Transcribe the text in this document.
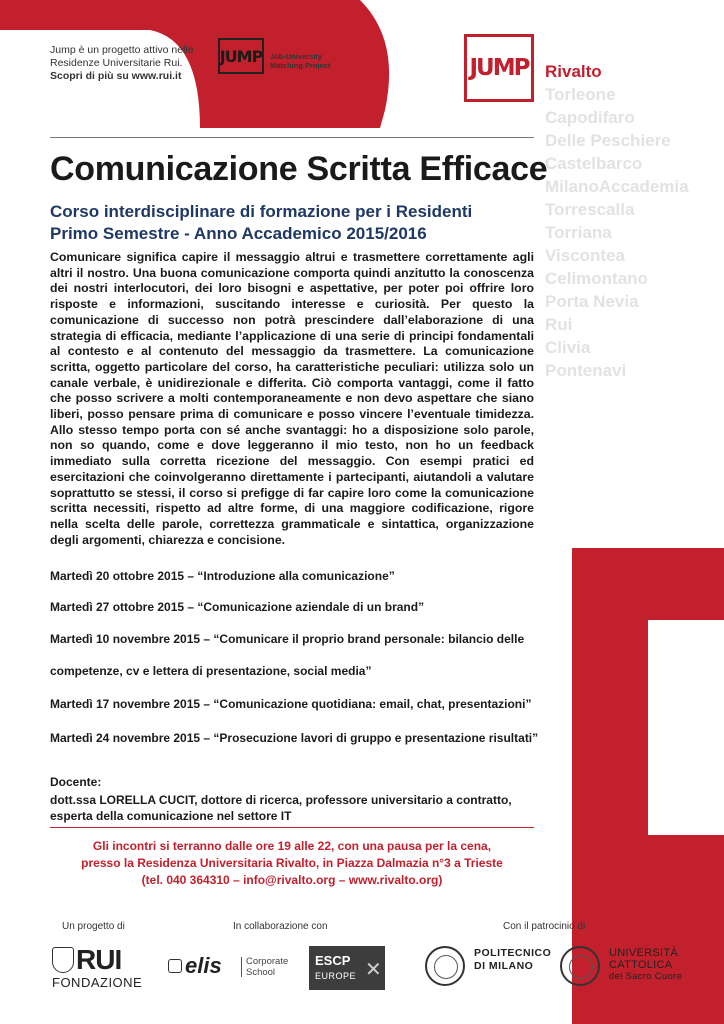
Jump è un progetto attivo nelle
Residenze Universitarie Rui.
Scopri di più su www.rui.it
JUMP Job-University
Matching Project	JUMP Rivalto
Torleone
Capodifaro
Delle Peschiere
Castelbarco
MilanoAccademia
Torrescalla
Torriana
Viscontea
Celimontano
Porta Nevia
Rui
Clivia
Pontenavi
Comunicazione Scritta Efficace
Corso interdisciplinare di formazione per i Residenti
Primo Semestre - Anno Accademico 2015/2016

Comunicare significa capire il messaggio altrui e trasmettere correttamente agli altri il nostro. Una buona comunicazione comporta quindi anzitutto la conoscenza dei nostri interlocutori, dei loro bisogni e aspettative, per poter poi offrire loro risposte e informazioni, suscitando interesse e curiosità. Per questo la comunicazione di successo non potrà prescindere dall’elaborazione di una strategia di efficacia, mediante l’applicazione di una serie di principi fondamentali al contesto e al contenuto del messaggio da trasmettere. La comunicazione scritta, oggetto particolare del corso, ha caratteristiche peculiari: utilizza solo un canale verbale, è unidirezionale e differita. Ciò comporta vantaggi, come il fatto che posso scrivere a molti contemporaneamente e non devo aspettare che siano liberi, posso pensare prima di comunicare e posso vincere l’eventuale timidezza. Allo stesso tempo porta con sé anche svantaggi: ho a disposizione solo parole, non so quando, come e dove leggeranno il mio testo, non ho un feedback immediato sulla corretta ricezione del messaggio. Con esempi pratici ed esercitazioni che coinvolgeranno direttamente i partecipanti, aiutandoli a valutare soprattutto se stessi, il corso si prefigge di far capire loro come la comunicazione scritta necessiti, rispetto ad altre forme, di una maggiore codificazione, rigore nella scelta delle parole, correttezza grammaticale e sintattica, organizzazione degli argomenti, chiarezza e concisione.

Martedì 20 ottobre 2015 – “Introduzione alla comunicazione”
Martedì 27 ottobre 2015 – “Comunicazione aziendale di un brand”
Martedì 10 novembre 2015 – “Comunicare il proprio brand personale: bilancio delle
competenze, cv e lettera di presentazione, social media”
Martedì 17 novembre 2015 – “Comunicazione quotidiana: email, chat, presentazioni”
Martedì 24 novembre 2015 – “Prosecuzione lavori di gruppo e presentazione risultati”
Docente:
dott.ssa LORELLA CUCIT, dottore di ricerca, professore universitario a contratto,
esperta della comunicazione nel settore IT
Gli incontri si terranno dalle ore 19 alle 22, con una pausa per la cena,
presso la Residenza Universitaria Rivalto, in Piazza Dalmazia n°3 a Trieste
(tel. 040 364310 – info@rivalto.org – www.rivalto.org)
Un progetto di	In collaborazione con	Con il patrocinio di
RUI
FONDAZIONE
elis	Corporate
School
ESCP
EUROPE ✕
POLITECNICO
DI MILANO
UNIVERSITÀ
CATTOLICA
del Sacro Cuore
